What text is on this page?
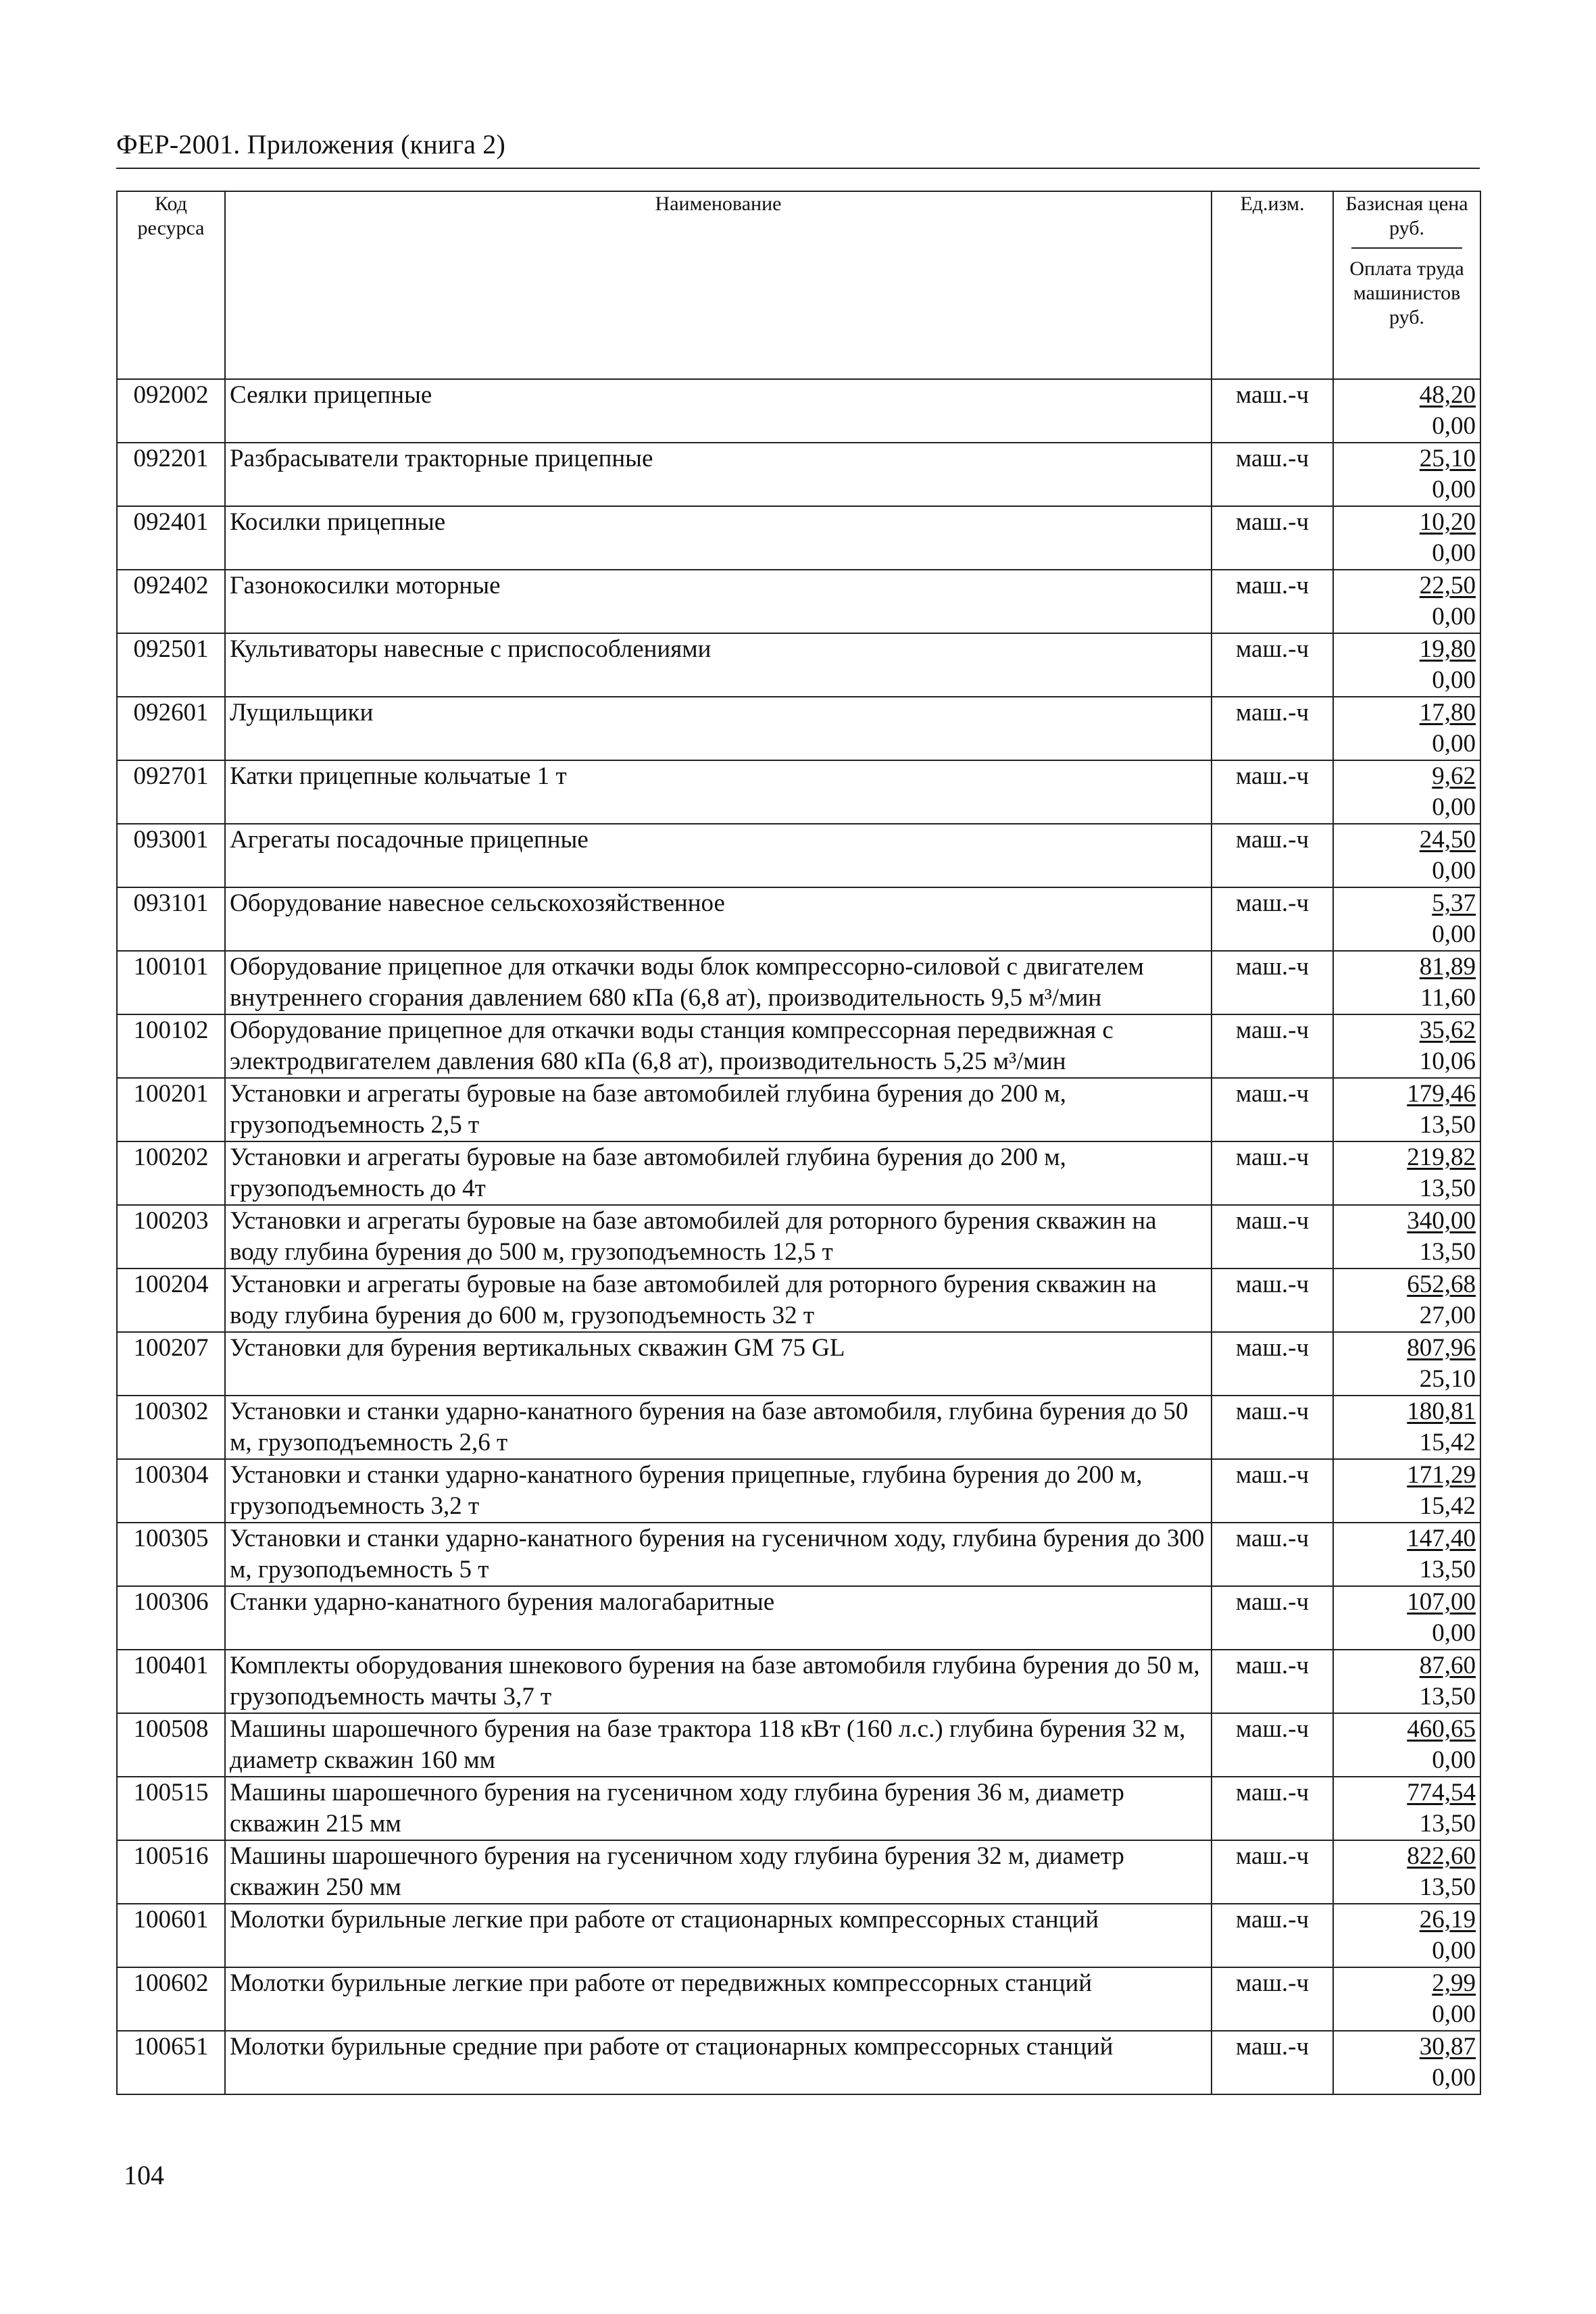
ФЕР-2001. Приложения (книга 2)
Код ресурса	Наименование	Ед.изм.	Базисная цена руб.
Оплата труда машинистов руб.

092002	Сеялки прицепные	маш.-ч	48,20
0,00

092201	Разбрасыватели тракторные прицепные	маш.-ч	25,10
0,00

092401	Косилки прицепные	маш.-ч	10,20
0,00

092402	Газонокосилки моторные	маш.-ч	22,50
0,00

092501	Культиваторы навесные с приспособлениями	маш.-ч	19,80
0,00

092601	Лущильщики	маш.-ч	17,80
0,00

092701	Катки прицепные кольчатые 1 т	маш.-ч	9,62
0,00

093001	Агрегаты посадочные прицепные	маш.-ч	24,50
0,00

093101	Оборудование навесное сельскохозяйственное	маш.-ч	5,37
0,00

100101	Оборудование прицепное для откачки воды блок компрессорно-силовой с двигателем внутреннего сгорания давлением 680 кПа (6,8 ат), производительность 9,5 м³/мин	маш.-ч	81,89
11,60

100102	Оборудование прицепное для откачки воды станция компрессорная передвижная с электродвигателем давления 680 кПа (6,8 ат), производительность 5,25 м³/мин	маш.-ч	35,62
10,06

100201	Установки и агрегаты буровые на базе автомобилей глубина бурения до 200 м, грузоподъемность 2,5 т	маш.-ч	179,46
13,50

100202	Установки и агрегаты буровые на базе автомобилей глубина бурения до 200 м, грузоподъемность до 4т	маш.-ч	219,82
13,50

100203	Установки и агрегаты буровые на базе автомобилей для роторного бурения скважин на воду глубина бурения до 500 м, грузоподъемность 12,5 т	маш.-ч	340,00
13,50

100204	Установки и агрегаты буровые на базе автомобилей для роторного бурения скважин на воду глубина бурения до 600 м, грузоподъемность 32 т	маш.-ч	652,68
27,00

100207	Установки для бурения вертикальных скважин GM 75 GL	маш.-ч	807,96
25,10

100302	Установки и станки ударно-канатного бурения на базе автомобиля, глубина бурения до 50 м, грузоподъемность 2,6 т	маш.-ч	180,81
15,42

100304	Установки и станки ударно-канатного бурения прицепные, глубина бурения до 200 м, грузоподъемность 3,2 т	маш.-ч	171,29
15,42

100305	Установки и станки ударно-канатного бурения на гусеничном ходу, глубина бурения до 300 м, грузоподъемность 5 т	маш.-ч	147,40
13,50

100306	Станки ударно-канатного бурения малогабаритные	маш.-ч	107,00
0,00

100401	Комплекты оборудования шнекового бурения на базе автомобиля глубина бурения до 50 м, грузоподъемность мачты 3,7 т	маш.-ч	87,60
13,50

100508	Машины шарошечного бурения на базе трактора 118 кВт (160 л.с.) глубина бурения 32 м, диаметр скважин 160 мм	маш.-ч	460,65
0,00

100515	Машины шарошечного бурения на гусеничном ходу глубина бурения 36 м, диаметр скважин 215 мм	маш.-ч	774,54
13,50

100516	Машины шарошечного бурения на гусеничном ходу глубина бурения 32 м, диаметр скважин 250 мм	маш.-ч	822,60
13,50

100601	Молотки бурильные легкие при работе от стационарных компрессорных станций	маш.-ч	26,19
0,00

100602	Молотки бурильные легкие при работе от передвижных компрессорных станций	маш.-ч	2,99
0,00

100651	Молотки бурильные средние при работе от стационарных компрессорных станций	маш.-ч	30,87
0,00
104
